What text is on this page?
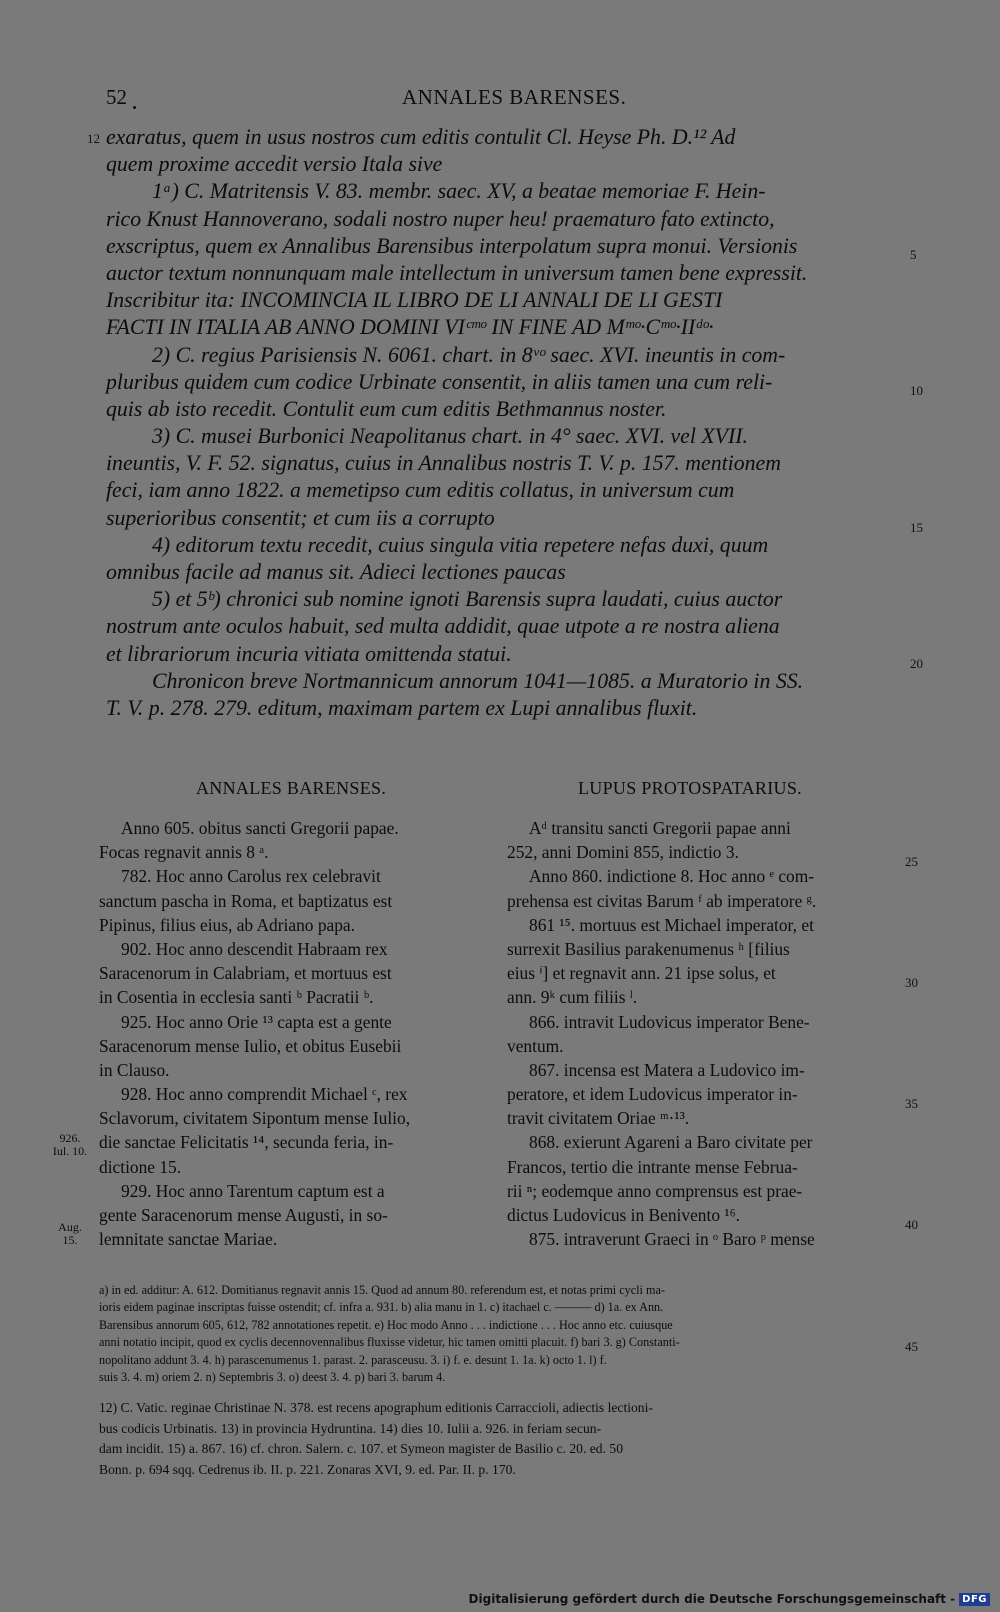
52	ANNALES BARENSES.
12 exaratus, quem in usus nostros cum editis contulit Cl. Heyse Ph. D.¹² Ad
quem proxime accedit versio Itala sive
1ᵃ) C. Matritensis V. 83. membr. saec. XV, a beatae memoriae F. Hein-
rico Knust Hannoverano, sodali nostro nuper heu! praematuro fato extincto,
exscriptus, quem ex Annalibus Barensibus interpolatum supra monui. Versionis
auctor textum nonnunquam male intellectum in universum tamen bene expressit.
Inscribitur ita: INCOMINCIA IL LIBRO DE LI ANNALI DE LI GESTI
FACTI IN ITALIA AB ANNO DOMINI VIᶜᵐᵒ IN FINE AD Mᵐᵒ·Cᵐᵒ·IIᵈᵒ·
2) C. regius Parisiensis N. 6061. chart. in 8ᵛᵒ saec. XVI. ineuntis in com-
pluribus quidem cum codice Urbinate consentit, in aliis tamen una cum reli-
quis ab isto recedit. Contulit eum cum editis Bethmannus noster.
3) C. musei Burbonici Neapolitanus chart. in 4° saec. XVI. vel XVII.
ineuntis, V. F. 52. signatus, cuius in Annalibus nostris T. V. p. 157. mentionem
feci, iam anno 1822. a memetipso cum editis collatus, in universum cum
superioribus consentit; et cum iis a corrupto
4) editorum textu recedit, cuius singula vitia repetere nefas duxi, quum
omnibus facile ad manus sit. Adieci lectiones paucas
5) et 5ᵇ) chronici sub nomine ignoti Barensis supra laudati, cuius auctor
nostrum ante oculos habuit, sed multa addidit, quae utpote a re nostra aliena
et librariorum incuria vitiata omittenda statui.
Chronicon breve Nortmannicum annorum 1041—1085. a Muratorio in SS.
T. V. p. 278. 279. editum, maximam partem ex Lupi annalibus fluxit.
5
10
15
20
ANNALES BARENSES.	LUPUS PROTOSPATARIUS.
Anno 605. obitus sancti Gregorii papae.
Focas regnavit annis 8 ᵃ.
782. Hoc anno Carolus rex celebravit
sanctum pascha in Roma, et baptizatus est
Pipinus, filius eius, ab Adriano papa.
902. Hoc anno descendit Habraam rex
Saracenorum in Calabriam, et mortuus est
in Cosentia in ecclesia santi ᵇ Pacratii ᵇ.
925. Hoc anno Orie ¹³ capta est a gente
Saracenorum mense Iulio, et obitus Eusebii
in Clauso.
928. Hoc anno comprendit Michael ᶜ, rex
Sclavorum, civitatem Sipontum mense Iulio,
die sanctae Felicitatis ¹⁴, secunda feria, in-
dictione 15.
929. Hoc anno Tarentum captum est a
gente Saracenorum mense Augusti, in so-
lemnitate sanctae Mariae.
Aᵈ transitu sancti Gregorii papae anni
252, anni Domini 855, indictio 3.
Anno 860. indictione 8. Hoc anno ᵉ com-
prehensa est civitas Barum ᶠ ab imperatore ᵍ.
861 ¹⁵. mortuus est Michael imperator, et
surrexit Basilius parakenumenus ʰ [filius
eius ⁱ] et regnavit ann. 21 ipse solus, et
ann. 9ᵏ cum filiis ˡ.
866. intravit Ludovicus imperator Bene-
ventum.
867. incensa est Matera a Ludovico im-
peratore, et idem Ludovicus imperator in-
travit civitatem Oriae ᵐ·¹³.
868. exierunt Agareni a Baro civitate per
Francos, tertio die intrante mense Februa-
rii ⁿ; eodemque anno comprensus est prae-
dictus Ludovicus in Benivento ¹⁶.
875. intraverunt Graeci in ᵒ Baro ᵖ mense
25
30
35
40
926.
Iul. 10.
Aug.
15.
a) in ed. additur: A. 612. Domitianus regnavit annis 15. Quod ad annum 80. referendum est, et notas primi cycli ma-
ioris eidem paginae inscriptas fuisse ostendit; cf. infra a. 931. b) alia manu in 1. c) itachael c. ——— d) 1a. ex Ann.
Barensibus annorum 605, 612, 782 annotationes repetit. e) Hoc modo Anno . . . indictione . . . Hoc anno etc. cuiusque
anni notatio incipit, quod ex cyclis decennovennalibus fluxisse videtur, hic tamen omitti placuit. f) bari 3. g) Constanti-
nopolitano addunt 3. 4. h) parascenumenus 1. parast. 2. parasceusu. 3. i) f. e. desunt 1. 1a. k) octo 1. l) f.
suis 3. 4. m) oriem 2. n) Septembris 3. o) deest 3. 4. p) bari 3. barum 4.
45
12) C. Vatic. reginae Christinae N. 378. est recens apographum editionis Carraccioli, adiectis lectioni-
bus codicis Urbinatis. 13) in provincia Hydruntina. 14) dies 10. Iulii a. 926. in feriam secun-
dam incidit. 15) a. 867. 16) cf. chron. Salern. c. 107. et Symeon magister de Basilio c. 20. ed. 50
Bonn. p. 694 sqq. Cedrenus ib. II. p. 221. Zonaras XVI, 9. ed. Par. II. p. 170.
Digitalisierung gefördert durch die Deutsche Forschungsgemeinschaft - DFG
